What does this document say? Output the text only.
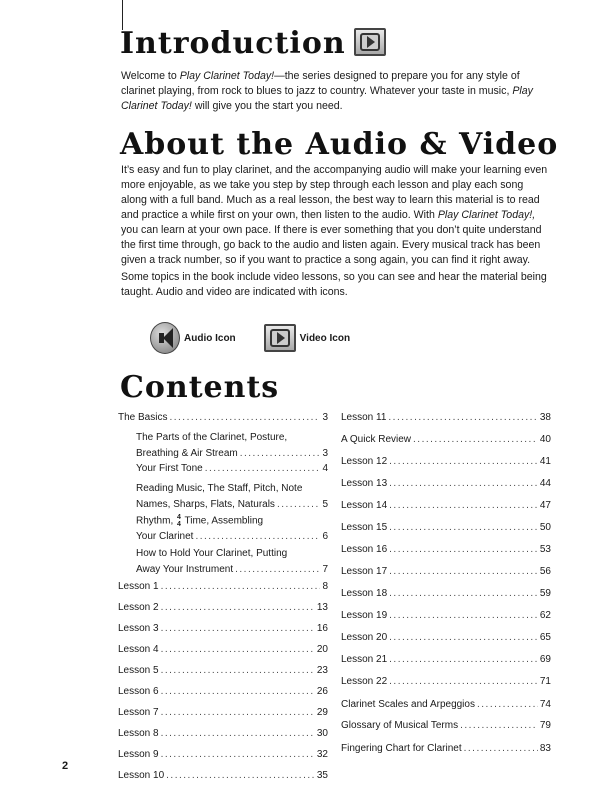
Introduction

Welcome to Play Clarinet Today!—the series designed to prepare you for any style of clarinet playing, from rock to blues to jazz to country. Whatever your taste in music, Play Clarinet Today! will give you the start you need.

About the Audio & Video

It’s easy and fun to play clarinet, and the accompanying audio will make your learning even more enjoyable, as we take you step by step through each lesson and play each song along with a full band. Much as a real lesson, the best way to learn this material is to read and practice a while first on your own, then listen to the audio. With Play Clarinet Today!, you can learn at your own pace. If there is ever something that you don’t quite understand the first time through, go back to the audio and listen again. Every musical track has been given a track number, so if you want to practice a song again, you can find it right away.

Some topics in the book include video lessons, so you can see and hear the material being taught. Audio and video are indicated with icons.

Audio Icon	Video Icon
Contents
The Basics .....	3
The Parts of the Clarinet, Posture,
Breathing & Air Stream .....	3
Your First Tone .....	4
Reading Music, The Staff, Pitch, Note
Names, Sharps, Flats, Naturals .....	5
Rhythm, 4
4 Time, Assembling
Your Clarinet .....	6
How to Hold Your Clarinet, Putting
Away Your Instrument .....	7
Lesson 1 .....	8
Lesson 2 .....	13
Lesson 3 .....	16
Lesson 4 .....	20
Lesson 5 .....	23
Lesson 6 .....	26
Lesson 7 .....	29
Lesson 8 .....	30
Lesson 9 .....	32
Lesson 10 .....	35
Lesson 11 .....	38
A Quick Review .....	40
Lesson 12 .....	41
Lesson 13 .....	44
Lesson 14 .....	47
Lesson 15 .....	50
Lesson 16 .....	53
Lesson 17 .....	56
Lesson 18 .....	59
Lesson 19 .....	62
Lesson 20 .....	65
Lesson 21 .....	69
Lesson 22 .....	71
Clarinet Scales and Arpeggios .....	74
Glossary of Musical Terms .....	79
Fingering Chart for Clarinet .....	83
2
